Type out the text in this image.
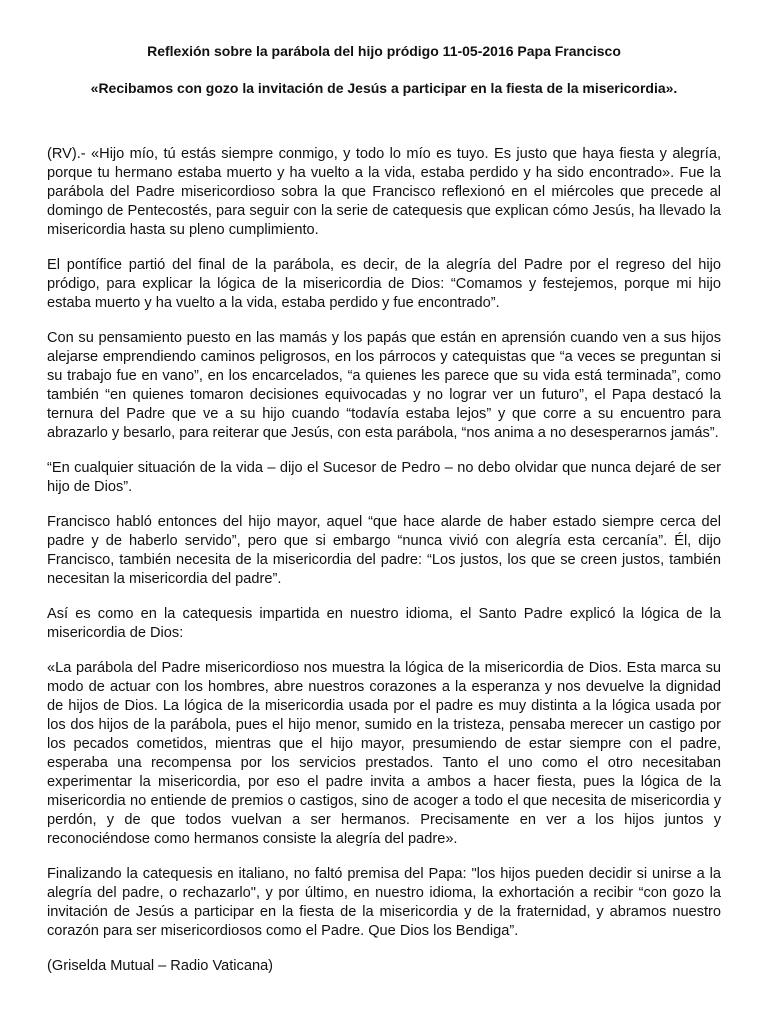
Reflexión sobre la parábola del hijo pródigo 11-05-2016 Papa Francisco
«Recibamos con gozo la invitación de Jesús a participar en la fiesta de la misericordia».

(RV).- «Hijo mío, tú estás siempre conmigo, y todo lo mío es tuyo. Es justo que haya fiesta y alegría, porque tu hermano estaba muerto y ha vuelto a la vida, estaba perdido y ha sido encontrado». Fue la parábola del Padre misericordioso sobra la que Francisco reflexionó en el miércoles que precede al domingo de Pentecostés, para seguir con la serie de catequesis que explican cómo Jesús, ha llevado la misericordia hasta su pleno cumplimiento.

El pontífice partió del final de la parábola, es decir, de la alegría del Padre por el regreso del hijo pródigo, para explicar la lógica de la misericordia de Dios: “Comamos y festejemos, porque mi hijo estaba muerto y ha vuelto a la vida, estaba perdido y fue encontrado”.

Con su pensamiento puesto en las mamás y los papás que están en aprensión cuando ven a sus hijos alejarse emprendiendo caminos peligrosos, en los párrocos y catequistas que “a veces se preguntan si su trabajo fue en vano”, en los encarcelados, “a quienes les parece que su vida está terminada”, como también “en quienes tomaron decisiones equivocadas y no lograr ver un futuro”, el Papa destacó la ternura del Padre que ve a su hijo cuando “todavía estaba lejos” y que corre a su encuentro para abrazarlo y besarlo, para reiterar que Jesús, con esta parábola, “nos anima a no desesperarnos jamás”.

“En cualquier situación de la vida – dijo el Sucesor de Pedro – no debo olvidar que nunca dejaré de ser hijo de Dios”.

Francisco habló entonces del hijo mayor, aquel “que hace alarde de haber estado siempre cerca del padre y de haberlo servido”, pero que si embargo “nunca vivió con alegría esta cercanía”. Él, dijo Francisco, también necesita de la misericordia del padre: “Los justos, los que se creen justos, también necesitan la misericordia del padre”.

Así es como en la catequesis impartida en nuestro idioma, el Santo Padre explicó la lógica de la misericordia de Dios:

«La parábola del Padre misericordioso nos muestra la lógica de la misericordia de Dios. Esta marca su modo de actuar con los hombres, abre nuestros corazones a la esperanza y nos devuelve la dignidad de hijos de Dios. La lógica de la misericordia usada por el padre es muy distinta a la lógica usada por los dos hijos de la parábola, pues el hijo menor, sumido en la tristeza, pensaba merecer un castigo por los pecados cometidos, mientras que el hijo mayor, presumiendo de estar siempre con el padre, esperaba una recompensa por los servicios prestados. Tanto el uno como el otro necesitaban experimentar la misericordia, por eso el padre invita a ambos a hacer fiesta, pues la lógica de la misericordia no entiende de premios o castigos, sino de acoger a todo el que necesita de misericordia y perdón, y de que todos vuelvan a ser hermanos. Precisamente en ver a los hijos juntos y reconociéndose como hermanos consiste la alegría del padre».

Finalizando la catequesis en italiano, no faltó premisa del Papa: "los hijos pueden decidir si unirse a la alegría del padre, o rechazarlo", y por último, en nuestro idioma, la exhortación a recibir “con gozo la invitación de Jesús a participar en la fiesta de la misericordia y de la fraternidad, y abramos nuestro corazón para ser misericordiosos como el Padre. Que Dios los Bendiga”.

(Griselda Mutual – Radio Vaticana)
